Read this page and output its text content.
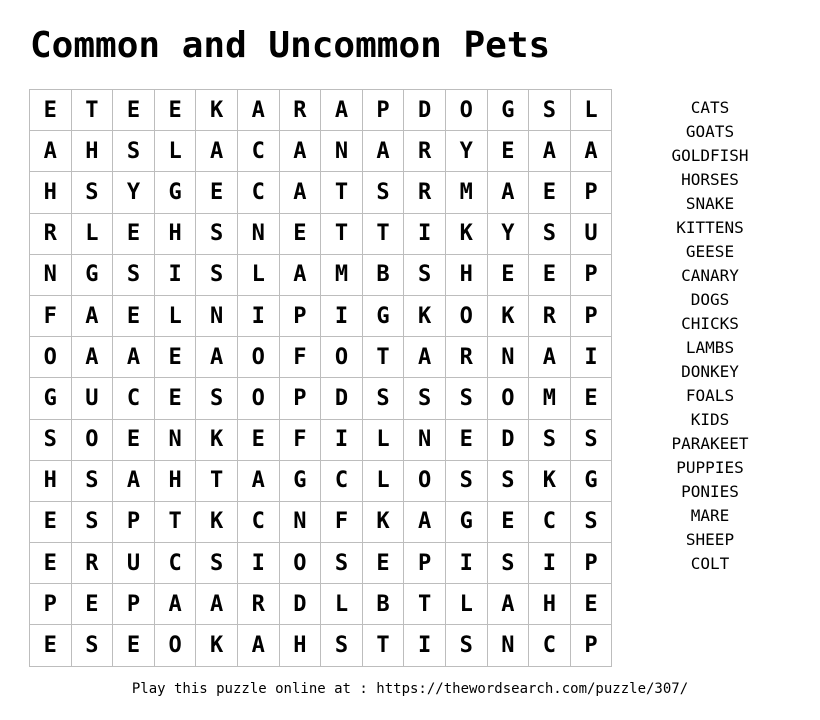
Common and Uncommon Pets
E	T	E	E	K	A	R	A	P	D	O	G	S	L
A	H	S	L	A	C	A	N	A	R	Y	E	A	A
H	S	Y	G	E	C	A	T	S	R	M	A	E	P
R	L	E	H	S	N	E	T	T	I	K	Y	S	U
N	G	S	I	S	L	A	M	B	S	H	E	E	P
F	A	E	L	N	I	P	I	G	K	O	K	R	P
O	A	A	E	A	O	F	O	T	A	R	N	A	I
G	U	C	E	S	O	P	D	S	S	S	O	M	E
S	O	E	N	K	E	F	I	L	N	E	D	S	S
H	S	A	H	T	A	G	C	L	O	S	S	K	G
E	S	P	T	K	C	N	F	K	A	G	E	C	S
E	R	U	C	S	I	O	S	E	P	I	S	I	P
P	E	P	A	A	R	D	L	B	T	L	A	H	E
E	S	E	O	K	A	H	S	T	I	S	N	C	P
CATS
GOATS
GOLDFISH
HORSES
SNAKE
KITTENS
GEESE
CANARY
DOGS
CHICKS
LAMBS
DONKEY
FOALS
KIDS
PARAKEET
PUPPIES
PONIES
MARE
SHEEP
COLT
Play this puzzle online at : https://thewordsearch.com/puzzle/307/
